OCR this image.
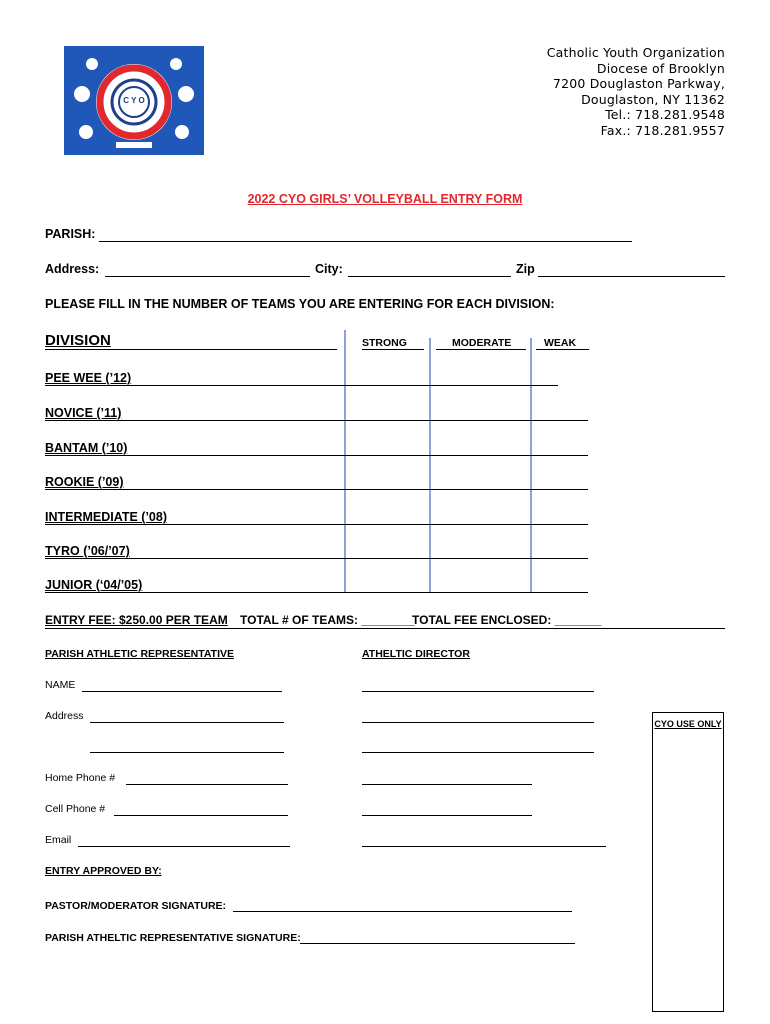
C Y O
Catholic Youth Organization
Diocese of Brooklyn
7200 Douglaston Parkway,
Douglaston, NY 11362
Tel.: 718.281.9548
Fax.: 718.281.9557
2022 CYO GIRLS’ VOLLEYBALL ENTRY FORM
PARISH:
Address:	City:	Zip
PLEASE FILL IN THE NUMBER OF TEAMS YOU ARE ENTERING FOR EACH DIVISION:
DIVISION	STRONG	MODERATE	WEAK
PEE WEE (’12)
NOVICE (’11)
BANTAM (’10)
ROOKIE (’09)
INTERMEDIATE (’08)
TYRO (’06/’07)
JUNIOR (‘04/’05)
ENTRY FEE: $250.00 PER TEAM TOTAL # OF TEAMS: ________
TOTAL FEE ENCLOSED: _______
PARISH ATHLETIC REPRESENTATIVE	ATHELTIC DIRECTOR
NAME
Address
Home Phone #
Cell Phone #
Email
CYO USE ONLY
ENTRY APPROVED BY:
PASTOR/MODERATOR SIGNATURE:
PARISH ATHELTIC REPRESENTATIVE SIGNATURE:
